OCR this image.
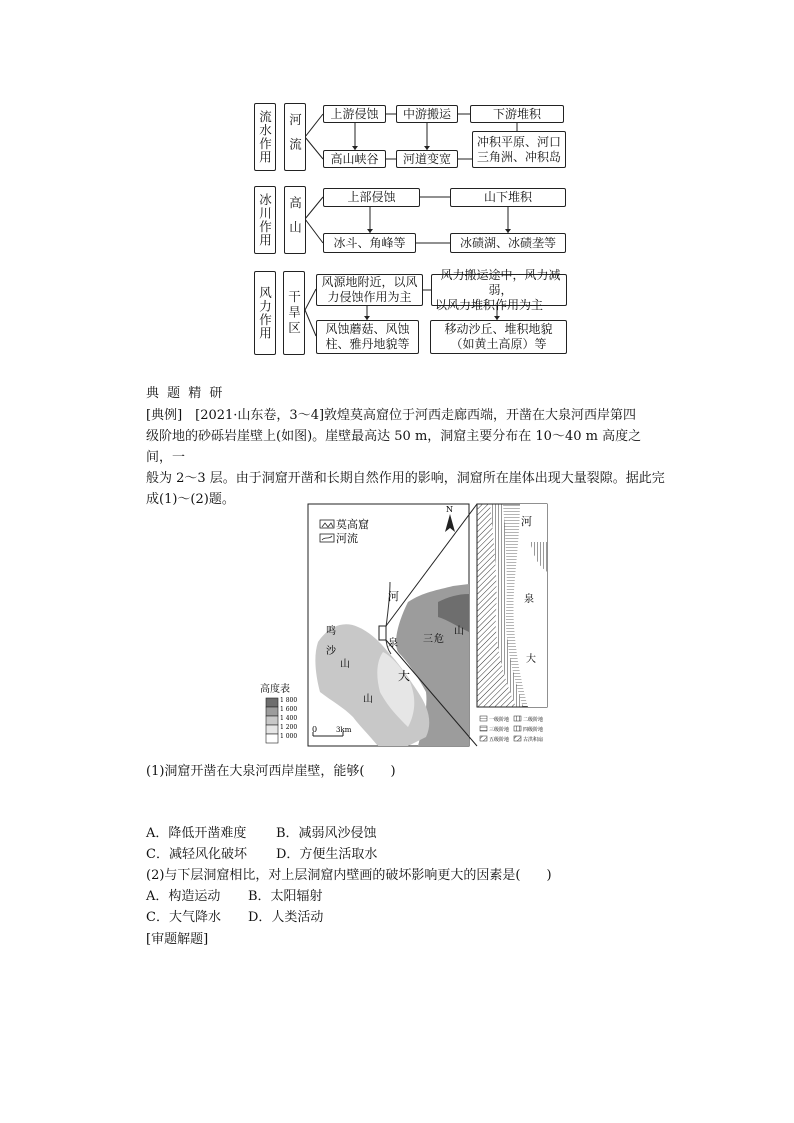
流水作用 河流 上游侵蚀 中游搬运	下游堆积
高山峡谷 河道变宽
冲积平原、河口
三角洲、冲积岛
冰川作用 高山	上部侵蚀	山下堆积
冰斗、角峰等	冰碛湖、冰碛垄等
风力作用 干旱区
风源地附近，以风
力侵蚀作用为主
风力搬运途中，风力减弱，
以风力堆积作用为主
风蚀蘑菇、风蚀
柱、雅丹地貌等
移动沙丘、堆积地貌
（如黄土高原）等
典 题 精 研
[典例]　[2021·山东卷，3～4]敦煌莫高窟位于河西走廊西端，开凿在大泉河西岸第四
级阶地的砂砾岩崖壁上(如图)。崖壁最高达 50 m，洞窟主要分布在 10～40 m 高度之间，一
般为 2～3 层。由于洞窟开凿和长期自然作用的影响，洞窟所在崖体出现大量裂隙。据此完
成(1)～(2)题。
莫高窟
河流
N
河
泉
大
三 危
山
鸣
沙
山
山
0	3km
高度表
1 800
1 600
1 400
1 200
1 000
河
泉
大
一级阶地	二级阶地
三级阶地	四级阶地
五级阶地	古洪积扇
(1)洞窟开凿在大泉河西岸崖壁，能够(　　)
A．降低开凿难度 B．减弱风沙侵蚀
C．减轻风化破坏 D．方便生活取水
(2)与下层洞窟相比，对上层洞窟内壁画的破坏影响更大的因素是(　　)
A．构造运动 B．太阳辐射
C．大气降水 D．人类活动
[审题解题]
